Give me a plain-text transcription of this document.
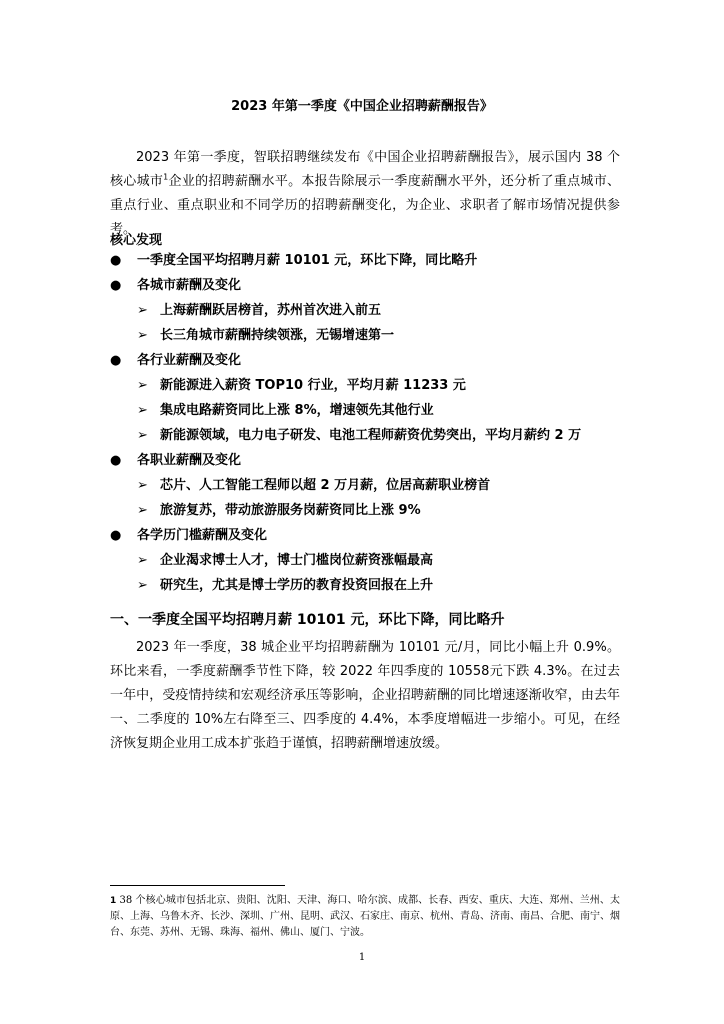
2023 年第一季度《中国企业招聘薪酬报告》
2023 年第一季度，智联招聘继续发布《中国企业招聘薪酬报告》，展示国内 38 个核心城市$^1$企业的招聘薪酬水平。本报告除展示一季度薪酬水平外，还分析了重点城市、重点行业、重点职业和不同学历的招聘薪酬变化，为企业、求职者了解市场情况提供参考。
核心发现
●	一季度全国平均招聘月薪 10101 元，环比下降，同比略升
●	各城市薪酬及变化
➢ 上海薪酬跃居榜首，苏州首次进入前五
➢ 长三角城市薪酬持续领涨，无锡增速第一
●	各行业薪酬及变化
➢ 新能源进入薪资 TOP10 行业，平均月薪 11233 元
➢ 集成电路薪资同比上涨 8%，增速领先其他行业
➢ 新能源领域，电力电子研发、电池工程师薪资优势突出，平均月薪约 2 万
●	各职业薪酬及变化
➢ 芯片、人工智能工程师以超 2 万月薪，位居高薪职业榜首
➢ 旅游复苏，带动旅游服务岗薪资同比上涨 9%
●	各学历门槛薪酬及变化
➢ 企业渴求博士人才，博士门槛岗位薪资涨幅最高
➢ 研究生，尤其是博士学历的教育投资回报在上升
一、一季度全国平均招聘月薪 10101 元，环比下降，同比略升
2023 年一季度，38 城企业平均招聘薪酬为 10101 元/月，同比小幅上升 0.9%。环比来看，一季度薪酬季节性下降，较 2022 年四季度的 10558元下跌 4.3%。在过去一年中，受疫情持续和宏观经济承压等影响，企业招聘薪酬的同比增速逐渐收窄，由去年一、二季度的 10%左右降至三、四季度的 4.4%，本季度增幅进一步缩小。可见，在经济恢复期企业用工成本扩张趋于谨慎，招聘薪酬增速放缓。
1 38 个核心城市包括北京、贵阳、沈阳、天津、海口、哈尔滨、成都、长春、西安、重庆、大连、郑州、兰州、太原、上海、乌鲁木齐、长沙、深圳、广州、昆明、武汉、石家庄、南京、杭州、青岛、济南、南昌、合肥、南宁、烟台、东莞、苏州、无锡、珠海、福州、佛山、厦门、宁波。
1
